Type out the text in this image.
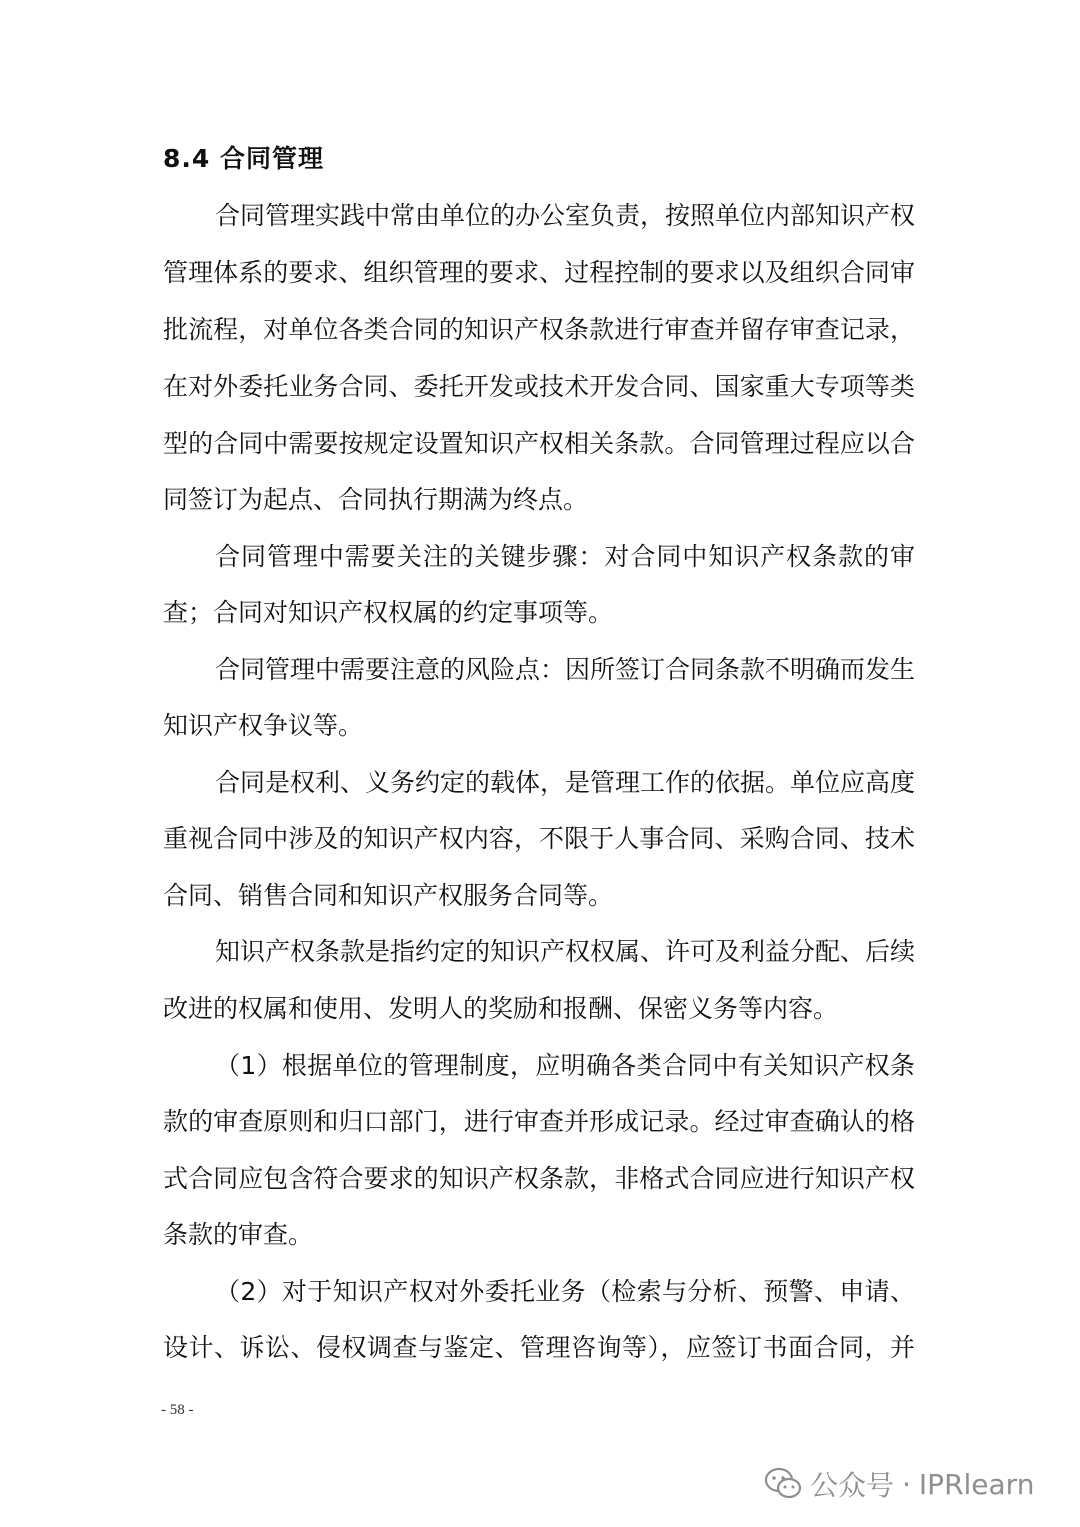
8.4 合同管理
合同管理实践中常由单位的办公室负责，按照单位内部知识产权
管理体系的要求、组织管理的要求、过程控制的要求以及组织合同审
批流程，对单位各类合同的知识产权条款进行审查并留存审查记录，
在对外委托业务合同、委托开发或技术开发合同、国家重大专项等类
型的合同中需要按规定设置知识产权相关条款。合同管理过程应以合
同签订为起点、合同执行期满为终点。
合同管理中需要关注的关键步骤：对合同中知识产权条款的审
查；合同对知识产权权属的约定事项等。
合同管理中需要注意的风险点：因所签订合同条款不明确而发生
知识产权争议等。
合同是权利、义务约定的载体，是管理工作的依据。单位应高度
重视合同中涉及的知识产权内容，不限于人事合同、采购合同、技术
合同、销售合同和知识产权服务合同等。
知识产权条款是指约定的知识产权权属、许可及利益分配、后续
改进的权属和使用、发明人的奖励和报酬、保密义务等内容。
（1）根据单位的管理制度，应明确各类合同中有关知识产权条
款的审查原则和归口部门，进行审查并形成记录。经过审查确认的格
式合同应包含符合要求的知识产权条款，非格式合同应进行知识产权
条款的审查。
（2）对于知识产权对外委托业务（检索与分析、预警、申请、
设计、诉讼、侵权调查与鉴定、管理咨询等），应签订书面合同，并
- 58 -
公众号 · IPRlearn
